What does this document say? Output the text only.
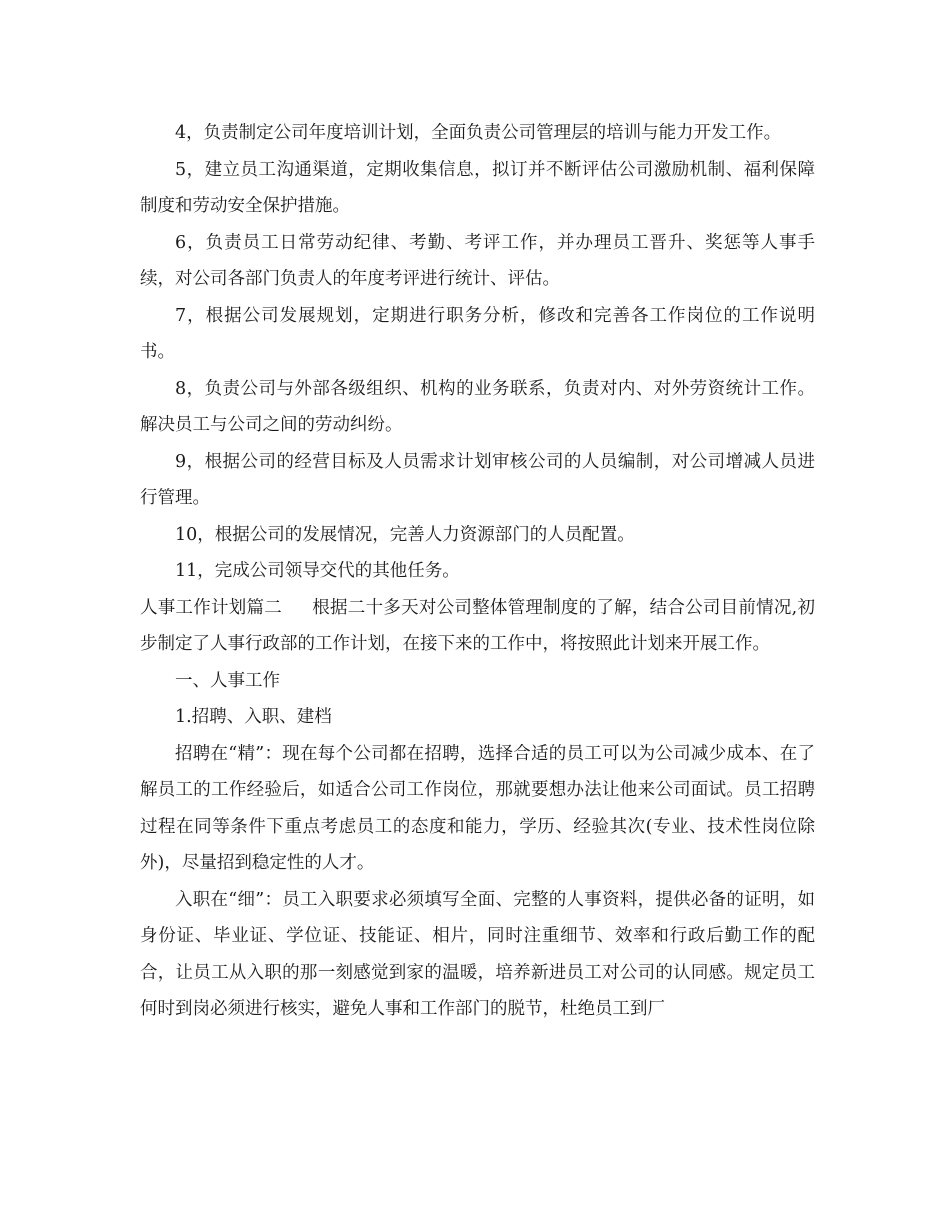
4，负责制定公司年度培训计划，全面负责公司管理层的培训与能力开发工作。

5，建立员工沟通渠道，定期收集信息，拟订并不断评估公司激励机制、福利保障制度和劳动安全保护措施。

6，负责员工日常劳动纪律、考勤、考评工作，并办理员工晋升、奖惩等人事手续，对公司各部门负责人的年度考评进行统计、评估。

7，根据公司发展规划，定期进行职务分析，修改和完善各工作岗位的工作说明书。

8，负责公司与外部各级组织、机构的业务联系，负责对内、对外劳资统计工作。解决员工与公司之间的劳动纠纷。

9，根据公司的经营目标及人员需求计划审核公司的人员编制，对公司增减人员进行管理。

10，根据公司的发展情况，完善人力资源部门的人员配置。

11，完成公司领导交代的其他任务。

人事工作计划篇二 根据二十多天对公司整体管理制度的了解，结合公司目前情况,初步制定了人事行政部的工作计划，在接下来的工作中，将按照此计划来开展工作。

一、人事工作

1.招聘、入职、建档

招聘在“精”：现在每个公司都在招聘，选择合适的员工可以为公司减少成本、在了解员工的工作经验后，如适合公司工作岗位，那就要想办法让他来公司面试。员工招聘过程在同等条件下重点考虑员工的态度和能力，学历、经验其次(专业、技术性岗位除外)，尽量招到稳定性的人才。

入职在“细”：员工入职要求必须填写全面、完整的人事资料，提供必备的证明，如身份证、毕业证、学位证、技能证、相片，同时注重细节、效率和行政后勤工作的配合，让员工从入职的那一刻感觉到家的温暖，培养新进员工对公司的认同感。规定员工何时到岗必须进行核实，避免人事和工作部门的脱节，杜绝员工到厂
